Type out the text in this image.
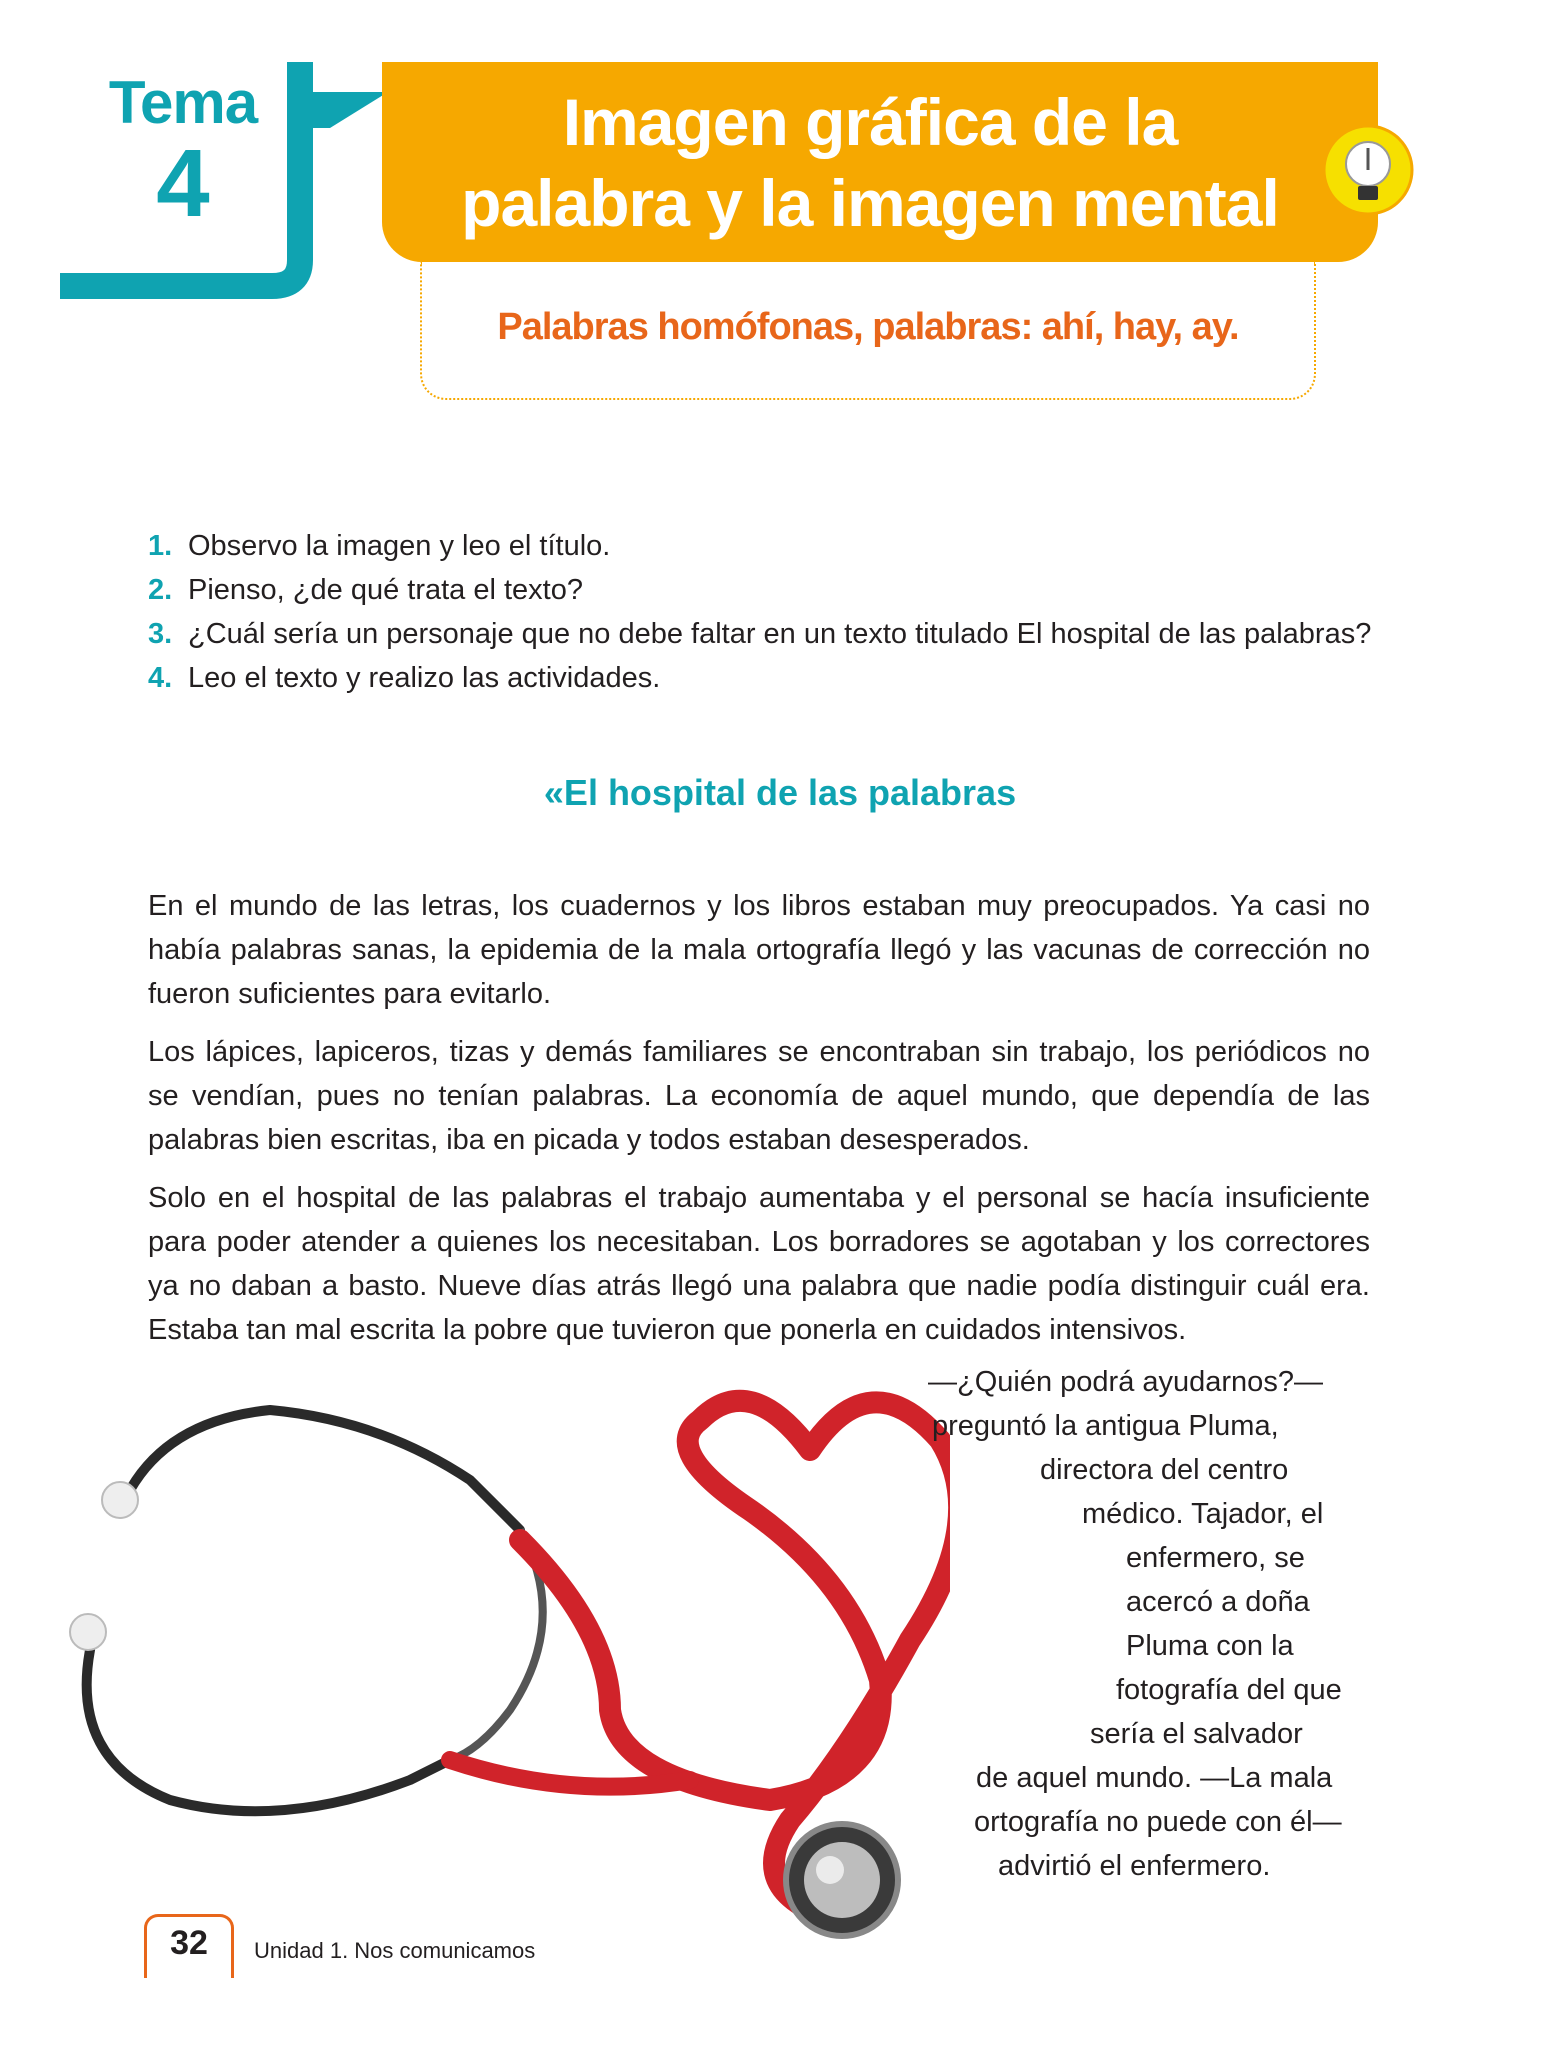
Tema
4
Imagen gráfica de la
palabra y la imagen mental
Palabras homófonas, palabras: ahí, hay, ay.
1. Observo la imagen y leo el título.
2. Pienso, ¿de qué trata el texto?
3. ¿Cuál sería un personaje que no debe faltar en un texto titulado El hospital de las palabras?
4. Leo el texto y realizo las actividades.
«El hospital de las palabras

En el mundo de las letras, los cuadernos y los libros estaban muy preocupados. Ya casi no había palabras sanas, la epidemia de la mala ortografía llegó y las vacunas de corrección no fueron suficientes para evitarlo.

Los lápices, lapiceros, tizas y demás familiares se encontraban sin trabajo, los periódicos no se vendían, pues no tenían palabras. La economía de aquel mundo, que dependía de las palabras bien escritas, iba en picada y todos estaban desesperados.

Solo en el hospital de las palabras el trabajo aumentaba y el personal se hacía insuficiente para poder atender a quienes los necesitaban. Los borradores se agotaban y los correctores ya no daban a basto. Nueve días atrás llegó una palabra que nadie podía distinguir cuál era. Estaba tan mal escrita la pobre que tuvieron que ponerla en cuidados intensivos.

—¿Quién podrá ayudarnos?—
preguntó la antigua Pluma,
directora del centro
médico. Tajador, el
enfermero, se
acercó a doña
Pluma con la
fotografía del que
sería el salvador
de aquel mundo. —La mala
ortografía no puede con él—
advirtió el enfermero.
32	Unidad 1. Nos comunicamos
